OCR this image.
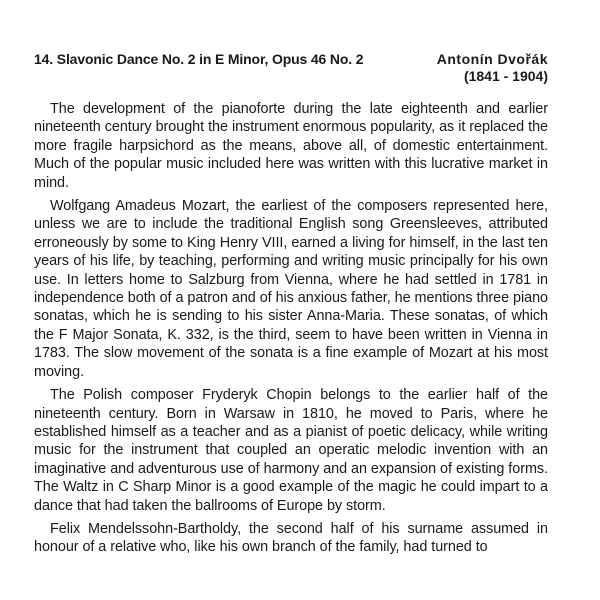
14. Slavonic Dance No. 2 in E Minor, Opus 46 No. 2	Antonín Dvořák
(1841 - 1904)

The development of the pianoforte during the late eighteenth and earlier nineteenth century brought the instrument enormous popularity, as it replaced the more fragile harpsichord as the means, above all, of domestic entertainment. Much of the popular music included here was written with this lucrative market in mind.

Wolfgang Amadeus Mozart, the earliest of the composers represented here, unless we are to include the traditional English song Greensleeves, attributed erroneously by some to King Henry VIII, earned a living for himself, in the last ten years of his life, by teaching, performing and writing music principally for his own use. In letters home to Salzburg from Vienna, where he had settled in 1781 in independence both of a patron and of his anxious father, he mentions three piano sonatas, which he is sending to his sister Anna-Maria. These sonatas, of which the F Major Sonata, K. 332, is the third, seem to have been written in Vienna in 1783. The slow movement of the sonata is a fine example of Mozart at his most moving.

The Polish composer Fryderyk Chopin belongs to the earlier half of the nineteenth century. Born in Warsaw in 1810, he moved to Paris, where he established himself as a teacher and as a pianist of poetic delicacy, while writing music for the instrument that coupled an operatic melodic invention with an imaginative and adventurous use of harmony and an expansion of existing forms. The Waltz in C Sharp Minor is a good example of the magic he could impart to a dance that had taken the ballrooms of Europe by storm.

Felix Mendelssohn-Bartholdy, the second half of his surname assumed in honour of a relative who, like his own branch of the family, had turned to
